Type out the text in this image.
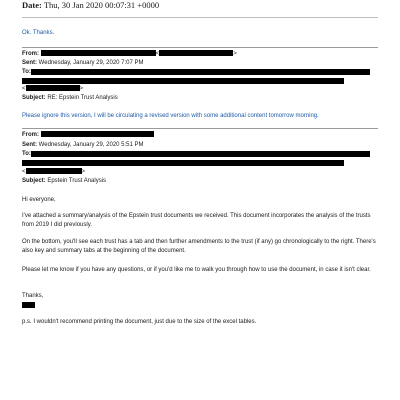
Date: Thu, 30 Jan 2020 00:07:31 +0000
Ok. Thanks.
From:	<	>
Sent: Wednesday, January 29, 2020 7:07 PM
To:
<	>
Subject: RE: Epstein Trust Analysis
Please ignore this version, I will be circulating a revised version with some additional content tomorrow morning.
From:
Sent: Wednesday, January 29, 2020 5:51 PM
To:
<	>
Subject: Epstein Trust Analysis
Hi everyone,
I've attached a summary/analysis of the Epstein trust documents we received. This document incorporates the analysis of the trusts from 2019 I did previously.
On the bottom, you'll see each trust has a tab and then further amendments to the trust (if any) go chronologically to the right. There's also key and summary tabs at the beginning of the document.
Please let me know if you have any questions, or if you'd like me to walk you through how to use the document, in case it isn't clear.
Thanks,
p.s. I wouldn't recommend printing the document, just due to the size of the excel tables.
